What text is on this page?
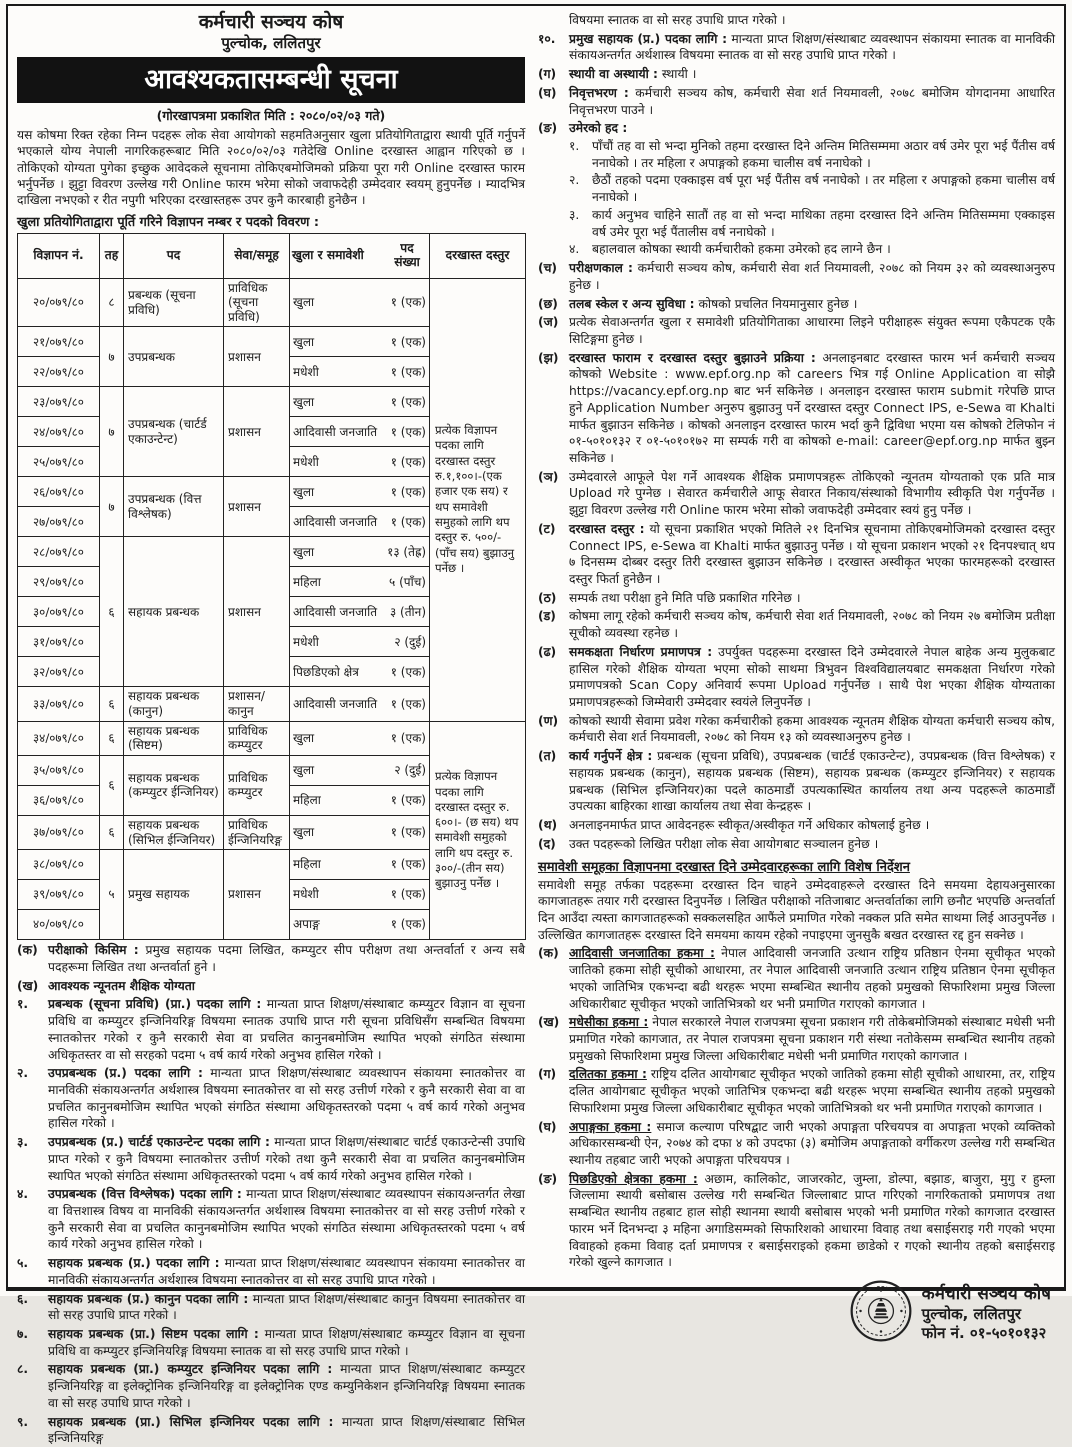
कर्मचारी सञ्चय कोष
पुल्चोक, ललितपुर
आवश्यकतासम्बन्धी सूचना
(गोरखापत्रमा प्रकाशित मिति : २०८०/०२/०३ गते)
यस कोषमा रिक्त रहेका निम्न पदहरू लोक सेवा आयोगको सहमतिअनुसार खुला प्रतियोगिताद्वारा स्थायी पूर्ति गर्नुपर्ने भएकाले योग्य नेपाली नागरिकहरूबाट मिति २०८०/०२/०३ गतेदेखि Online दरखास्त आह्वान गरिएको छ । तोकिएको योग्यता पुगेका इच्छुक आवेदकले सूचनामा तोकिएबमोजिमको प्रक्रिया पूरा गरी Online दरखास्त फारम भर्नुपर्नेछ । झुट्टा विवरण उल्लेख गरी Online फारम भरेमा सोको जवाफदेही उम्मेदवार स्वयम् हुनुपर्नेछ । म्यादभित्र दाखिला नभएको र रीत नपुगी भरिएका दरखास्तहरू उपर कुनै कारबाही हुनेछैन ।
खुला प्रतियोगिताद्वारा पूर्ति गरिने विज्ञापन नम्बर र पदको विवरण :
विज्ञापन नं.	तह	पद	सेवा/समूह	खुला र समावेशी पद संख्या	दरखास्त दस्तुर
२०/०७९/८०	८	प्रबन्धक (सूचना प्रविधि)	प्राविधिक (सूचना प्रविधि)	खुला १ (एक)	प्रत्येक विज्ञापन पदका लागि दरखास्त दस्तुर रु.१,१००।-(एक हजार एक सय) र थप समावेशी समुहको लागि थप दस्तुर रु. ५००/-(पाँच सय) बुझाउनु पर्नेछ ।
२१/०७९/८०	७	उपप्रबन्धक	प्रशासन	खुला १ (एक)	

२२/०७९/८०				मधेशी १ (एक)	

२३/०७९/८०	७	उपप्रबन्धक (चार्टर्ड एकाउन्टेन्ट)	प्रशासन	खुला १ (एक)	

२४/०७९/८०				आदिवासी जनजाति १ (एक)	

२५/०७९/८०				मधेशी १ (एक)	

२६/०७९/८०	७	उपप्रबन्धक (वित्त विश्लेषक)	प्रशासन	खुला १ (एक)	

२७/०७९/८०				आदिवासी जनजाति १ (एक)	

२८/०७९/८०	६	सहायक प्रबन्धक	प्रशासन	खुला १३ (तेह्र)	

२९/०७९/८०				महिला ५ (पाँच)	

३०/०७९/८०				आदिवासी जनजाति ३ (तीन)	

३१/०७९/८०				मधेशी २ (दुई)	

३२/०७९/८०				पिछडिएको क्षेत्र १ (एक)	

३३/०७९/८०	६	सहायक प्रबन्धक (कानुन)	प्रशासन/ कानुन	आदिवासी जनजाति १ (एक)	

३४/०७९/८०	६	सहायक प्रबन्धक (सिष्टम)	प्राविधिक कम्प्युटर	खुला १ (एक)	प्रत्येक विज्ञापन पदका लागि दरखास्त दस्तुर रु. ६००।- (छ सय) थप समावेशी समुहको लागि थप दस्तुर रु. ३००/-(तीन सय) बुझाउनु पर्नेछ ।
३५/०७९/८०	६	सहायक प्रबन्धक (कम्प्युटर ईन्जिनियर)	प्राविधिक कम्प्युटर	खुला २ (दुई)	

३६/०७९/८०				महिला १ (एक)	

३७/०७९/८०	६	सहायक प्रबन्धक (सिभिल ईन्जिनियर)	प्राविधिक ईन्जिनियरिङ्ग	खुला १ (एक)	

३८/०७९/८०	५	प्रमुख सहायक	प्रशासन	महिला १ (एक)	

३९/०७९/८०				मधेशी १ (एक)	

४०/०७९/८०				अपाङ्ग १ (एक)	
(क) परीक्षाको किसिम : प्रमुख सहायक पदमा लिखित, कम्प्युटर सीप परीक्षण तथा अन्तर्वार्ता र अन्य सबै पदहरूमा लिखित तथा अन्तर्वार्ता हुने ।
(ख) आवश्यक न्यूनतम शैक्षिक योग्यता
१.	प्रबन्धक (सूचना प्रविधि) (प्रा.) पदका लागि : मान्यता प्राप्त शिक्षण/संस्थाबाट कम्प्युटर विज्ञान वा सूचना प्रविधि वा कम्प्युटर इन्जिनियरिङ्ग विषयमा स्नातक उपाधि प्राप्त गरी सूचना प्रविधिसँग सम्बन्धित विषयमा स्नातकोत्तर गरेको र कुनै सरकारी सेवा वा प्रचलित कानुनबमोजिम स्थापित भएको संगठित संस्थामा अधिकृतस्तर वा सो सरहको पदमा ५ वर्ष कार्य गरेको अनुभव हासिल गरेको ।
२.	उपप्रबन्धक (प्र.) पदका लागि : मान्यता प्राप्त शिक्षण/संस्थाबाट व्यवस्थापन संकायमा स्नातकोत्तर वा मानविकी संकायअन्तर्गत अर्थशास्त्र विषयमा स्नातकोत्तर वा सो सरह उत्तीर्ण गरेको र कुनै सरकारी सेवा वा वा प्रचलित कानुनबमोजिम स्थापित भएको संगठित संस्थामा अधिकृतस्तरको पदमा ५ वर्ष कार्य गरेको अनुभव हासिल गरेको ।
३.	उपप्रबन्धक (प्र.) चार्टर्ड एकाउन्टेन्ट पदका लागि : मान्यता प्राप्त शिक्षण/संस्थाबाट चार्टर्ड एकाउन्टेन्सी उपाधि प्राप्त गरेको र कुनै विषयमा स्नातकोत्तर उत्तीर्ण गरेको तथा कुनै सरकारी सेवा वा प्रचलित कानुनबमोजिम स्थापित भएको संगठित संस्थामा अधिकृतस्तरको पदमा ५ वर्ष कार्य गरेको अनुभव हासिल गरेको ।
४.	उपप्रबन्धक (वित्त विश्लेषक) पदका लागि : मान्यता प्राप्त शिक्षण/संस्थाबाट व्यवस्थापन संकायअन्तर्गत लेखा वा वित्तशास्त्र विषय वा मानविकी संकायअन्तर्गत अर्थशास्त्र विषयमा स्नातकोत्तर वा सो सरह उत्तीर्ण गरेको र कुनै सरकारी सेवा वा प्रचलित कानुनबमोजिम स्थापित भएको संगठित संस्थामा अधिकृतस्तरको पदमा ५ वर्ष कार्य गरेको अनुभव हासिल गरेको ।
५.	सहायक प्रबन्धक (प्र.) पदका लागि : मान्यता प्राप्त शिक्षण/संस्थाबाट व्यवस्थापन संकायमा स्नातकोत्तर वा मानविकी संकायअन्तर्गत अर्थशास्त्र विषयमा स्नातकोत्तर वा सो सरह उपाधि प्राप्त गरेको ।
६.	सहायक प्रबन्धक (प्र.) कानुन पदका लागि : मान्यता प्राप्त शिक्षण/संस्थाबाट कानुन विषयमा स्नातकोत्तर वा सो सरह उपाधि प्राप्त गरेको ।
७.	सहायक प्रबन्धक (प्रा.) सिष्टम पदका लागि : मान्यता प्राप्त शिक्षण/संस्थाबाट कम्प्युटर विज्ञान वा सूचना प्रविधि वा कम्प्युटर इन्जिनियरिङ्ग विषयमा स्नातक वा सो सरह उपाधि प्राप्त गरेको ।
८.	सहायक प्रबन्धक (प्रा.) कम्प्युटर इन्जिनियर पदका लागि : मान्यता प्राप्त शिक्षण/संस्थाबाट कम्प्युटर इन्जिनियरिङ्ग वा इलेक्ट्रोनिक इन्जिनियरिङ्ग वा इलेक्ट्रोनिक एण्ड कम्युनिकेशन इन्जिनियरिङ्ग विषयमा स्नातक वा सो सरह उपाधि प्राप्त गरेको ।
९.	सहायक प्रबन्धक (प्रा.) सिभिल इन्जिनियर पदका लागि : मान्यता प्राप्त शिक्षण/संस्थाबाट सिभिल इन्जिनियरिङ्ग
विषयमा स्नातक वा सो सरह उपाधि प्राप्त गरेको ।
१०.	प्रमुख सहायक (प्र.) पदका लागि : मान्यता प्राप्त शिक्षण/संस्थाबाट व्यवस्थापन संकायमा स्नातक वा मानविकी संकायअन्तर्गत अर्थशास्त्र विषयमा स्नातक वा सो सरह उपाधि प्राप्त गरेको ।
(ग)	स्थायी वा अस्थायी : स्थायी ।
(घ)	निवृत्तभरण : कर्मचारी सञ्चय कोष, कर्मचारी सेवा शर्त नियमावली, २०७८ बमोजिम योगदानमा आधारित निवृत्तभरण पाउने ।
(ङ) उमेरको हद :
१.	पाँचौं तह वा सो भन्दा मुनिको तहमा दरखास्त दिने अन्तिम मितिसम्ममा अठार वर्ष उमेर पूरा भई पैंतीस वर्ष ननाघेको । तर महिला र अपाङ्गको हकमा चालीस वर्ष ननाघेको ।
२.	छैठौं तहको पदमा एक्काइस वर्ष पूरा भई पैंतीस वर्ष ननाघेको । तर महिला र अपाङ्गको हकमा चालीस वर्ष ननाघेको ।
३.	कार्य अनुभव चाहिने सातौं तह वा सो भन्दा माथिका तहमा दरखास्त दिने अन्तिम मितिसम्ममा एक्काइस वर्ष उमेर पूरा भई पैंतालीस वर्ष ननाघेको ।
४.	बहालवाल कोषका स्थायी कर्मचारीको हकमा उमेरको हद लाग्ने छैन ।
(च) परीक्षणकाल : कर्मचारी सञ्चय कोष, कर्मचारी सेवा शर्त नियमावली, २०७८ को नियम ३२ को व्यवस्थाअनुरुप हुनेछ ।
(छ) तलब स्केल र अन्य सुविधा : कोषको प्रचलित नियमानुसार हुनेछ ।
(ज) प्रत्येक सेवाअन्तर्गत खुला र समावेशी प्रतियोगिताका आधारमा लिइने परीक्षाहरू संयुक्त रूपमा एकैपटक एकै सिटिङ्गमा हुनेछ ।
(झ) दरखास्त फाराम र दरखास्त दस्तुर बुझाउने प्रक्रिया : अनलाइनबाट दरखास्त फारम भर्न कर्मचारी सञ्चय कोषको Website : www.epf.org.np को careers भित्र गई Online Application वा सोझै https://vacancy.epf.org.np बाट भर्न सकिनेछ । अनलाइन दरखास्त फाराम submit गरेपछि प्राप्त हुने Application Number अनुरुप बुझाउनु पर्ने दरखास्त दस्तुर Connect IPS, e-Sewa वा Khalti मार्फत बुझाउन सकिनेछ । कोषको अनलाइन दरखास्त फारम भर्दा कुनै द्विविधा भएमा यस कोषको टेलिफोन नं ०१-५०१०१३२ र ०१-५०१०१७२ मा सम्पर्क गरी वा कोषको e-mail: career@epf.org.np मार्फत बुझ्न सकिनेछ ।
(ञ) उम्मेदवारले आफूले पेश गर्ने आवश्यक शैक्षिक प्रमाणपत्रहरू तोकिएको न्यूनतम योग्यताको एक प्रति मात्र Upload गरे पुग्नेछ । सेवारत कर्मचारीले आफू सेवारत निकाय/संस्थाको विभागीय स्वीकृति पेश गर्नुपर्नेछ । झुट्टा विवरण उल्लेख गरी Online फारम भरेमा सोको जवाफदेही उम्मेदवार स्वयं हुनु पर्नेछ ।
(ट)	दरखास्त दस्तुर : यो सूचना प्रकाशित भएको मितिले २१ दिनभित्र सूचनामा तोकिएबमोजिमको दरखास्त दस्तुर Connect IPS, e-Sewa वा Khalti मार्फत बुझाउनु पर्नेछ । यो सूचना प्रकाशन भएको २१ दिनपश्चात् थप ७ दिनसम्म दोब्बर दस्तुर तिरी दरखास्त बुझाउन सकिनेछ । दरखास्त अस्वीकृत भएका फारमहरूको दरखास्त दस्तुर फिर्ता हुनेछैन ।
(ठ)	सम्पर्क तथा परीक्षा हुने मिति पछि प्रकाशित गरिनेछ ।
(ड)	कोषमा लागू रहेको कर्मचारी सञ्चय कोष, कर्मचारी सेवा शर्त नियमावली, २०७८ को नियम २७ बमोजिम प्रतीक्षा सूचीको व्यवस्था रहनेछ ।
(ढ)	समकक्षता निर्धारण प्रमाणपत्र : उपर्युक्त पदहरूमा दरखास्त दिने उम्मेदवारले नेपाल बाहेक अन्य मुलुकबाट हासिल गरेको शैक्षिक योग्यता भएमा सोको साथमा त्रिभुवन विश्वविद्यालयबाट समकक्षता निर्धारण गरेको प्रमाणपत्रको Scan Copy अनिवार्य रूपमा Upload गर्नुपर्नेछ । साथै पेश भएका शैक्षिक योग्यताका प्रमाणपत्रहरूको जिम्मेवारी उम्मेदवार स्वयंले लिनुपर्नेछ ।
(ण) कोषको स्थायी सेवामा प्रवेश गरेका कर्मचारीको हकमा आवश्यक न्यूनतम शैक्षिक योग्यता कर्मचारी सञ्चय कोष, कर्मचारी सेवा शर्त नियमावली, २०७८ को नियम १३ को व्यवस्थाअनुरुप हुनेछ ।
(त)	कार्य गर्नुपर्ने क्षेत्र : प्रबन्धक (सूचना प्रविधि), उपप्रबन्धक (चार्टर्ड एकाउन्टेन्ट), उपप्रबन्धक (वित्त विश्लेषक) र सहायक प्रबन्धक (कानुन), सहायक प्रबन्धक (सिष्टम), सहायक प्रबन्धक (कम्प्युटर इन्जिनियर) र सहायक प्रबन्धक (सिभिल इन्जिनियर)का पदले काठमाडौं उपत्यकास्थित कार्यालय तथा अन्य पदहरूले काठमाडौं उपत्यका बाहिरका शाखा कार्यालय तथा सेवा केन्द्रहरू ।
(थ) अनलाइनमार्फत प्राप्त आवेदनहरू स्वीकृत/अस्वीकृत गर्ने अधिकार कोषलाई हुनेछ ।
(द)	उक्त पदहरूको लिखित परीक्षा लोक सेवा आयोगबाट सञ्चालन हुनेछ ।
समावेशी समूहका विज्ञापनमा दरखास्त दिने उम्मेदवारहरूका लागि विशेष निर्देशन
समावेशी समूह तर्फका पदहरूमा दरखास्त दिन चाहने उम्मेदवाहरूले दरखास्त दिने समयमा देहायअनुसारका कागजातहरू तयार गरी दरखास्त दिनुपर्नेछ । लिखित परीक्षाको नतिजाबाट अन्तर्वार्ताका लागि छनौट भएपछि अन्तर्वार्ता दिन आउँदा त्यस्ता कागजातहरूको सक्कलसहित आफैंले प्रमाणित गरेको नक्कल प्रति समेत साथमा लिई आउनुपर्नेछ । उल्लिखित कागजातहरू दरखास्त दिने समयमा कायम रहेको नपाइएमा जुनसुकै बखत दरखास्त रद्द हुन सक्नेछ ।
(क) आदिवासी जनजातिका हकमा : नेपाल आदिवासी जनजाति उत्थान राष्ट्रिय प्रतिष्ठान ऐनमा सूचीकृत भएको जातिको हकमा सोही सूचीको आधारमा, तर नेपाल आदिवासी जनजाति उत्थान राष्ट्रिय प्रतिष्ठान ऐनमा सूचीकृत भएको जातिभित्र एकभन्दा बढी थरहरू भएमा सम्बन्धित स्थानीय तहको प्रमुखको सिफारिशमा प्रमुख जिल्ला अधिकारीबाट सूचीकृत भएको जातिभित्रको थर भनी प्रमाणित गराएको कागजात ।
(ख) मधेसीका हकमा : नेपाल सरकारले नेपाल राजपत्रमा सूचना प्रकाशन गरी तोकेबमोजिमको संस्थाबाट मधेसी भनी प्रमाणित गरेको कागजात, तर नेपाल राजपत्रमा सूचना प्रकाशन गरी संस्था नतोकेसम्म सम्बन्धित स्थानीय तहको प्रमुखको सिफारिशमा प्रमुख जिल्ला अधिकारीबाट मधेसी भनी प्रमाणित गराएको कागजात ।
(ग)	दलितका हकमा : राष्ट्रिय दलित आयोगबाट सूचीकृत भएको जातिको हकमा सोही सूचीको आधारमा, तर, राष्ट्रिय दलित आयोगबाट सूचीकृत भएको जातिभित्र एकभन्दा बढी थरहरू भएमा सम्बन्धित स्थानीय तहको प्रमुखको सिफारिशमा प्रमुख जिल्ला अधिकारीबाट सूचीकृत भएको जातिभित्रको थर भनी प्रमाणित गराएको कागजात ।
(घ)	अपाङ्गका हकमा : समाज कल्याण परिषद्बाट जारी भएको अपाङ्गता परिचयपत्र वा अपाङ्गता भएको व्यक्तिको अधिकारसम्बन्धी ऐन, २०७४ को दफा ४ को उपदफा (३) बमोजिम अपाङ्गताको वर्गीकरण उल्लेख गरी सम्बन्धित स्थानीय तहबाट जारी भएको अपाङ्गता परिचयपत्र ।
(ङ) पिछडिएको क्षेत्रका हकमा : अछाम, कालिकोट, जाजरकोट, जुम्ला, डोल्पा, बझाङ, बाजुरा, मुगु र हुम्ला जिल्लामा स्थायी बसोबास उल्लेख गरी सम्बन्धित जिल्लाबाट प्राप्त गरिएको नागरिकताको प्रमाणपत्र तथा सम्बन्धित स्थानीय तहबाट हाल सोही स्थानमा स्थायी बसोबास भएको भनी प्रमाणित गरेको कागजात दरखास्त फारम भर्ने दिनभन्दा ३ महिना अगाडिसम्मको सिफारिशको आधारमा विवाह तथा बसाईसराइ गरी गएको भएमा विवाहको हकमा विवाह दर्ता प्रमाणपत्र र बसाईसराइको हकमा छाडेको र गएको स्थानीय तहको बसाईसराइ गरेको खुल्ने कागजात ।
कर्मचारी सञ्चय कोष
पुल्चोक, ललितपुर
फोन नं. ०१-५०१०१३२
